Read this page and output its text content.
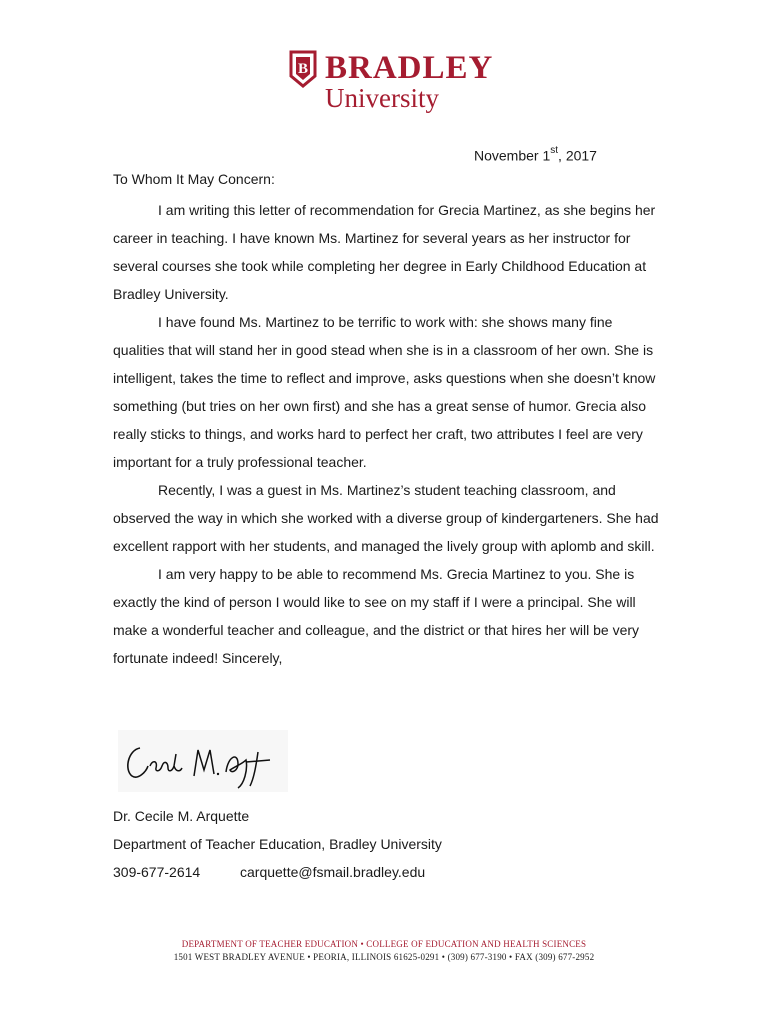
B BRADLEY
University
November 1st, 2017
To Whom It May Concern:

I am writing this letter of recommendation for Grecia Martinez, as she begins her career in teaching. I have known Ms. Martinez for several years as her instructor for several courses she took while completing her degree in Early Childhood Education at Bradley University.

I have found Ms. Martinez to be terrific to work with: she shows many fine qualities that will stand her in good stead when she is in a classroom of her own. She is intelligent, takes the time to reflect and improve, asks questions when she doesn’t know something (but tries on her own first) and she has a great sense of humor. Grecia also really sticks to things, and works hard to perfect her craft, two attributes I feel are very important for a truly professional teacher.

Recently, I was a guest in Ms. Martinez’s student teaching classroom, and observed the way in which she worked with a diverse group of kindergarteners. She had excellent rapport with her students, and managed the lively group with aplomb and skill.

I am very happy to be able to recommend Ms. Grecia Martinez to you. She is exactly the kind of person I would like to see on my staff if I were a principal. She will make a wonderful teacher and colleague, and the district or that hires her will be very fortunate indeed! Sincerely,

Dr. Cecile M. Arquette
Department of Teacher Education, Bradley University
309-677-2614	carquette@fsmail.bradley.edu
DEPARTMENT OF TEACHER EDUCATION • COLLEGE OF EDUCATION AND HEALTH SCIENCES
1501 WEST BRADLEY AVENUE • PEORIA, ILLINOIS 61625-0291 • (309) 677-3190 • FAX (309) 677-2952
